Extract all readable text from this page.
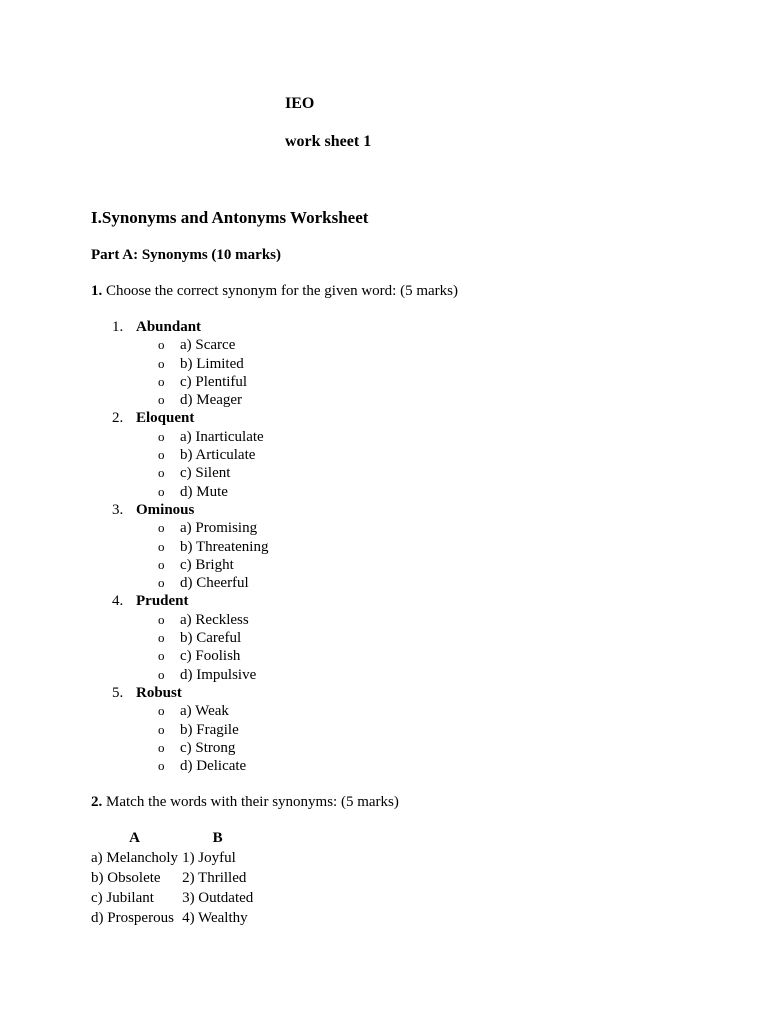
IEO

work sheet 1

I.Synonyms and Antonyms Worksheet

Part A: Synonyms (10 marks)

1. Choose the correct synonym for the given word: (5 marks)

1. Abundant
o a) Scarce
o b) Limited
o c) Plentiful
o d) Meager
2. Eloquent
o a) Inarticulate
o b) Articulate
o c) Silent
o d) Mute
3. Ominous
o a) Promising
o b) Threatening
o c) Bright
o d) Cheerful
4. Prudent
o a) Reckless
o b) Careful
o c) Foolish
o d) Impulsive
5. Robust
o a) Weak
o b) Fragile
o c) Strong
o d) Delicate

2. Match the words with their synonyms: (5 marks)

A	B
a) Melancholy	1) Joyful
b) Obsolete	2) Thrilled
c) Jubilant	3) Outdated
d) Prosperous	4) Wealthy
